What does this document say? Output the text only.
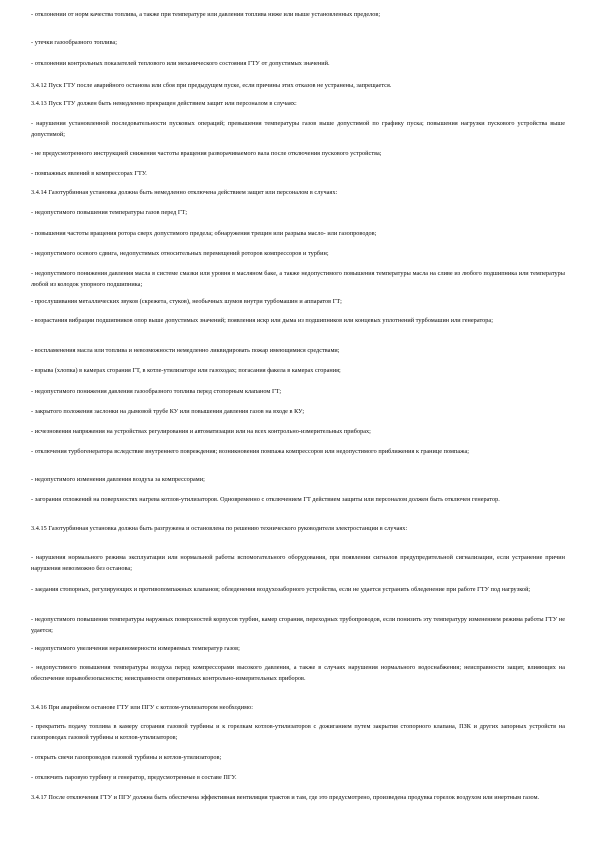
- отклонении от норм качества топлива, а также при температуре или давлении топлива ниже или выше установленных пределов;

- утечки газообразного топлива;

- отклонении контрольных показателей теплового или механического состояния ГТУ от допустимых значений.

3.4.12 Пуск ГТУ после аварийного останова или сбоя при предыдущем пуске, если причины этих отказов не устранены, запрещается.

3.4.13 Пуск ГТУ должен быть немедленно прекращен действием защит или персоналом в случаях:

- нарушения установленной последовательности пусковых операций; превышения температуры газов выше допустимой по графику пуска; повышения нагрузки пускового устройства выше допустимой;

- не предусмотренного инструкцией снижения частоты вращения разворачиваемого вала после отключения пускового устройства;

- помпажных явлений в компрессорах ГТУ.

3.4.14 Газотурбинная установка должна быть немедленно отключена действием защит или персоналом в случаях:

- недопустимого повышения температуры газов перед ГТ;

- повышения частоты вращения ротора сверх допустимого предела; обнаружения трещин или разрыва масло- или газопроводов;

- недопустимого осевого сдвига, недопустимых относительных перемещений роторов компрессоров и турбин;

- недопустимого понижения давления масла в системе смазки или уровня в масляном баке, а также недопустимого повышения температуры масла на сливе из любого подшипника или температуры любой из колодок упорного подшипника;

- прослушивания металлических звуков (скрежета, стуков), необычных шумов внутри турбомашин и аппаратов ГТ;

- возрастания вибрации подшипников опор выше допустимых значений; появления искр или дыма из подшипников или концевых уплотнений турбомашин или генератора;

- воспламенения масла или топлива и невозможности немедленно ликвидировать пожар имеющимися средствами;

- взрыва (хлопка) в камерах сгорания ГТ, в котле-утилизаторе или газоходах; погасания факела в камерах сгорания;

- недопустимого понижения давления газообразного топлива перед стопорным клапаном ГТ;

- закрытого положения заслонки на дымовой трубе КУ или повышения давления газов на входе в КУ;

- исчезновения напряжения на устройствах регулирования и автоматизации или на всех контрольно-измерительных приборах;

- отключения турбогенератора вследствие внутреннего повреждения; возникновения помпажа компрессоров или недопустимого приближения к границе помпажа;

- недопустимого изменения давления воздуха за компрессорами;

- загорания отложений на поверхностях нагрева котлов-утилизаторов. Одновременно с отключением ГТ действием защиты или персоналом должен быть отключен генератор.

3.4.15 Газотурбинная установка должна быть разгружена и остановлена по решению технического руководителя электростанции в случаях:

- нарушения нормального режима эксплуатации или нормальной работы вспомогательного оборудования, при появлении сигналов предупредительной сигнализации, если устранение причин нарушения невозможно без останова;

- заедания стопорных, регулирующих и противопомпажных клапанов; обледенения воздухозаборного устройства, если не удается устранить обледенение при работе ГТУ под нагрузкой;

- недопустимого повышения температуры наружных поверхностей корпусов турбин, камер сгорания, переходных трубопроводов, если понизить эту температуру изменением режима работы ГТУ не удается;

- недопустимого увеличения неравномерности измеряемых температур газов;

- недопустимого повышения температуры воздуха перед компрессорами высокого давления, а также в случаях нарушения нормального водоснабжения; неисправности защит, влияющих на обеспечение взрывобезопасности; неисправности оперативных контрольно-измерительных приборов.

3.4.16 При аварийном останове ГТУ или ПГУ с котлом-утилизатором необходимо:

- прекратить подачу топлива в камеру сгорания газовой турбины и к горелкам котлов-утилизаторов с дожиганием путем закрытия стопорного клапана, ПЗК и других запорных устройств на газопроводах газовой турбины и котлов-утилизаторов;

- открыть свечи газопроводов газовой турбины и котлов-утилизаторов;

- отключить паровую турбину и генератор, предусмотренные в составе ПГУ.

3.4.17 После отключения ГТУ и ПГУ должна быть обеспечена эффективная вентиляция трактов и там, где это предусмотрено, произведена продувка горелок воздухом или инертным газом.
